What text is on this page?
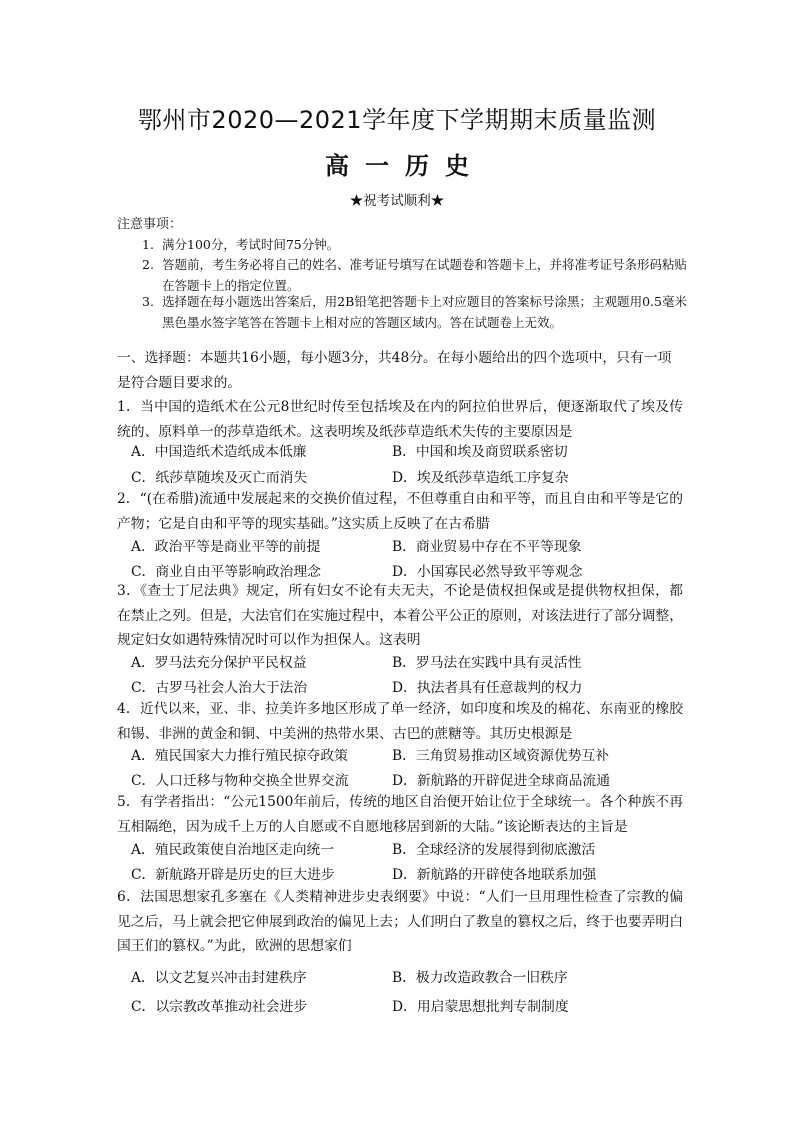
鄂州市2020—2021学年度下学期期末质量监测
高一历史
★祝考试顺利★
注意事项：
1. 满分100分，考试时间75分钟。
2. 答题前，考生务必将自己的姓名、准考证号填写在试题卷和答题卡上，并将准考证号条形码粘贴在答题卡上的指定位置。
3. 选择题在每小题选出答案后，用2B铅笔把答题卡上对应题目的答案标号涂黑；主观题用0.5毫米黑色墨水签字笔答在答题卡上相对应的答题区域内。答在试题卷上无效。
一、选择题：本题共16小题，每小题3分，共48分。在每小题给出的四个选项中，只有一项是符合题目要求的。
1．当中国的造纸术在公元8世纪时传至包括埃及在内的阿拉伯世界后，便逐渐取代了埃及传统的、原料单一的莎草造纸术。这表明埃及纸莎草造纸术失传的主要原因是
A．中国造纸术造纸成本低廉	B．中国和埃及商贸联系密切
C．纸莎草随埃及灭亡而消失	D．埃及纸莎草造纸工序复杂
2．“(在希腊)流通中发展起来的交换价值过程，不但尊重自由和平等，而且自由和平等是它的产物；它是自由和平等的现实基础。”这实质上反映了在古希腊
A．政治平等是商业平等的前提	B．商业贸易中存在不平等现象
C．商业自由平等影响政治理念	D．小国寡民必然导致平等观念
3．《查士丁尼法典》规定，所有妇女不论有夫无夫，不论是债权担保或是提供物权担保，都在禁止之列。但是，大法官们在实施过程中，本着公平公正的原则，对该法进行了部分调整，规定妇女如遇特殊情况时可以作为担保人。这表明
A．罗马法充分保护平民权益	B．罗马法在实践中具有灵活性
C．古罗马社会人治大于法治	D．执法者具有任意裁判的权力
4．近代以来，亚、非、拉美许多地区形成了单一经济，如印度和埃及的棉花、东南亚的橡胶和锡、非洲的黄金和铜、中美洲的热带水果、古巴的蔗糖等。其历史根源是
A．殖民国家大力推行殖民掠夺政策	B．三角贸易推动区域资源优势互补
C．人口迁移与物种交换全世界交流	D．新航路的开辟促进全球商品流通
5．有学者指出：“公元1500年前后，传统的地区自治便开始让位于全球统一。各个种族不再互相隔绝，因为成千上万的人自愿或不自愿地移居到新的大陆。”该论断表达的主旨是
A．殖民政策使自治地区走向统一	B．全球经济的发展得到彻底激活
C．新航路开辟是历史的巨大进步	D．新航路的开辟使各地联系加强
6．法国思想家孔多塞在《人类精神进步史表纲要》中说：“人们一旦用理性检查了宗教的偏见之后，马上就会把它伸展到政治的偏见上去；人们明白了教皇的篡权之后，终于也要弄明白国王们的篡权。”为此，欧洲的思想家们
A．以文艺复兴冲击封建秩序	B．极力改造政教合一旧秩序
C．以宗教改革推动社会进步	D．用启蒙思想批判专制制度
